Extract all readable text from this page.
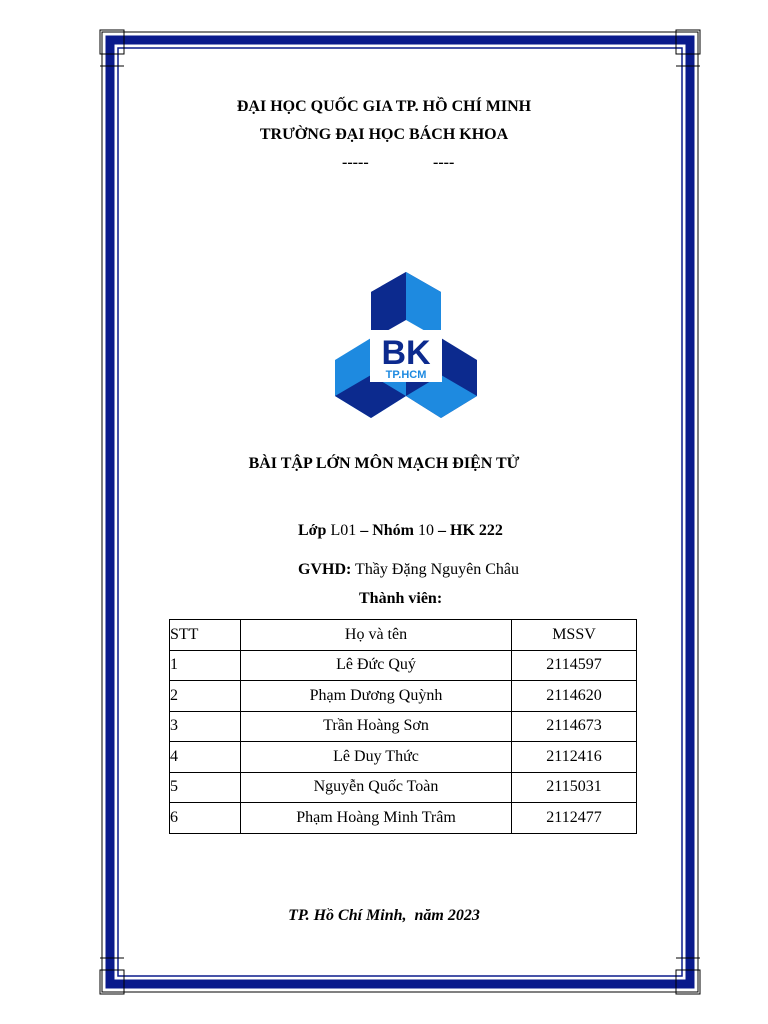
ĐẠI HỌC QUỐC GIA TP. HỒ CHÍ MINH
TRƯỜNG ĐẠI HỌC BÁCH KHOA
-----	----
BK
TP.HCM
BÀI TẬP LỚN MÔN MẠCH ĐIỆN TỬ
Lớp L01 – Nhóm 10 – HK 222
GVHD: Thầy Đặng Nguyên Châu
Thành viên:
STT	Họ và tên	MSSV
1	Lê Đức Quý	2114597
2	Phạm Dương Quỳnh	2114620
3	Trần Hoàng Sơn	2114673
4	Lê Duy Thức	2112416
5	Nguyễn Quốc Toàn	2115031
6	Phạm Hoàng Minh Trâm	2112477
TP. Hồ Chí Minh,  năm 2023
